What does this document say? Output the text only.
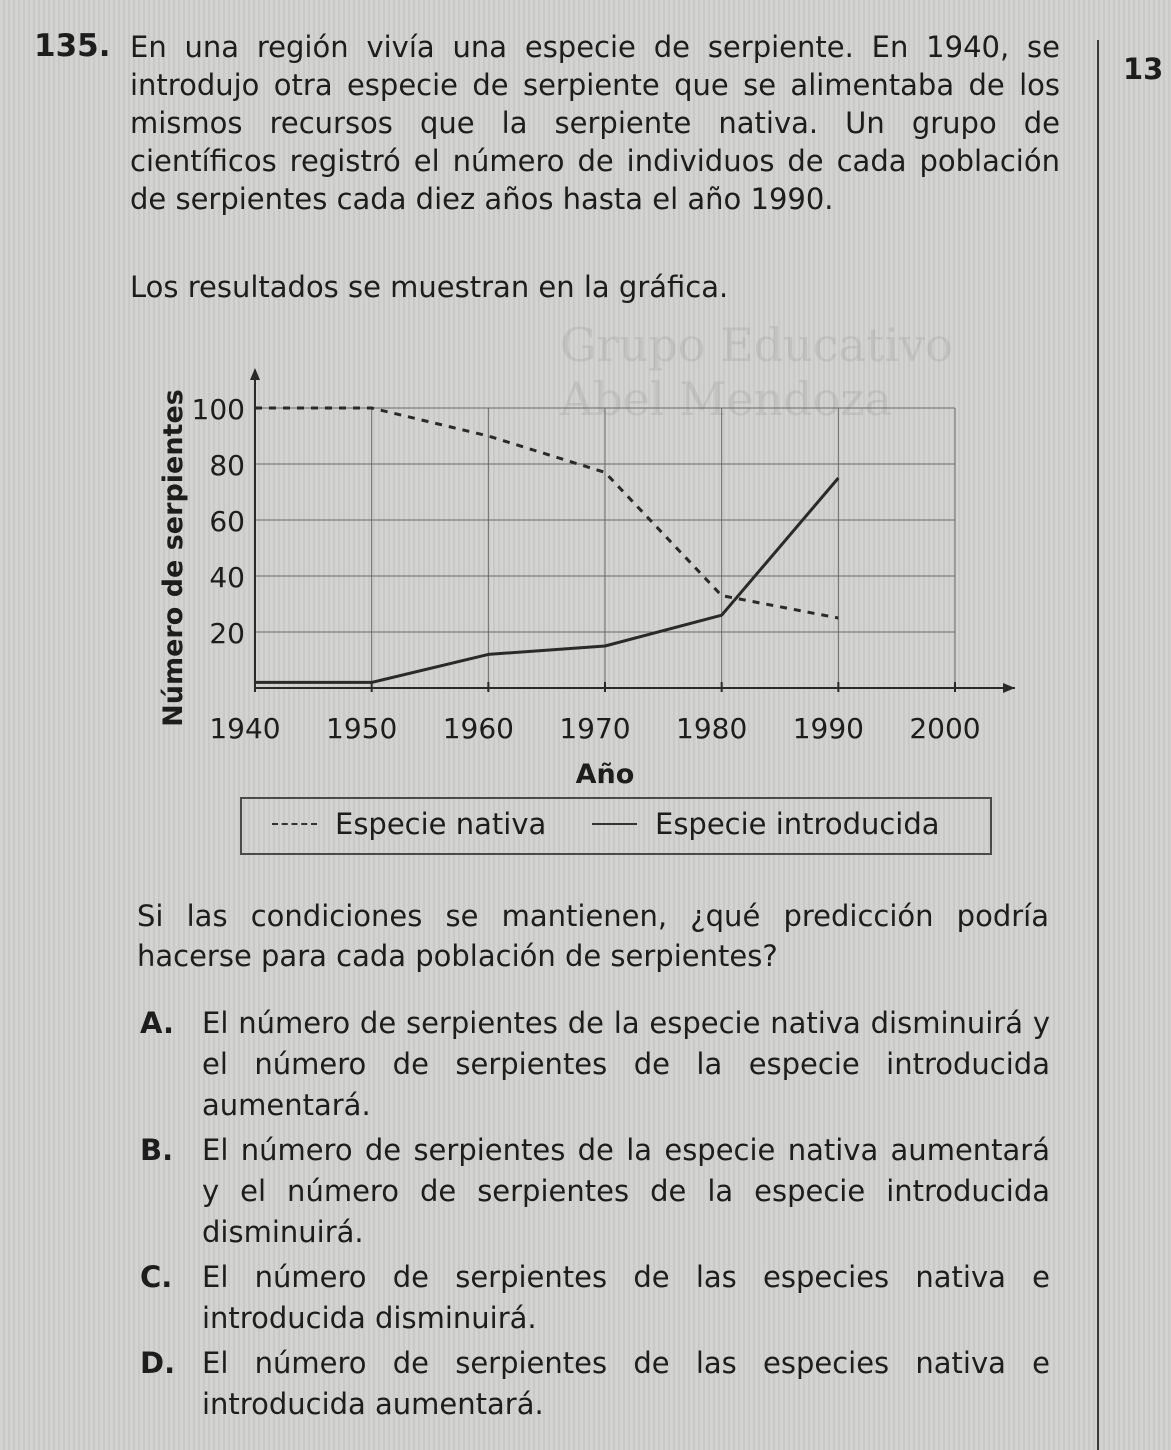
Grupo Educativo
Abel Mendoza
13
135. En una región vivía una especie de serpiente. En 1940, se introdujo otra especie de serpiente que se alimentaba de los mismos recursos que la serpiente nativa. Un grupo de científicos registró el número de individuos de cada población de serpientes cada diez años hasta el año 1990.
Los resultados se muestran en la gráfica.
20
40
60
80
100
1940 1950 1960 1970 1980 1990 2000
Año
Número de serpientes
Especie nativa	Especie introducida
Si las condiciones se mantienen, ¿qué predicción podría hacerse para cada población de serpientes?
A. El número de serpientes de la especie nativa disminuirá y el número de serpientes de la especie introducida aumentará.
B. El número de serpientes de la especie nativa aumentará y el número de serpientes de la especie introducida disminuirá.
C. El número de serpientes de las especies nativa e introducida disminuirá.
D. El número de serpientes de las especies nativa e introducida aumentará.
